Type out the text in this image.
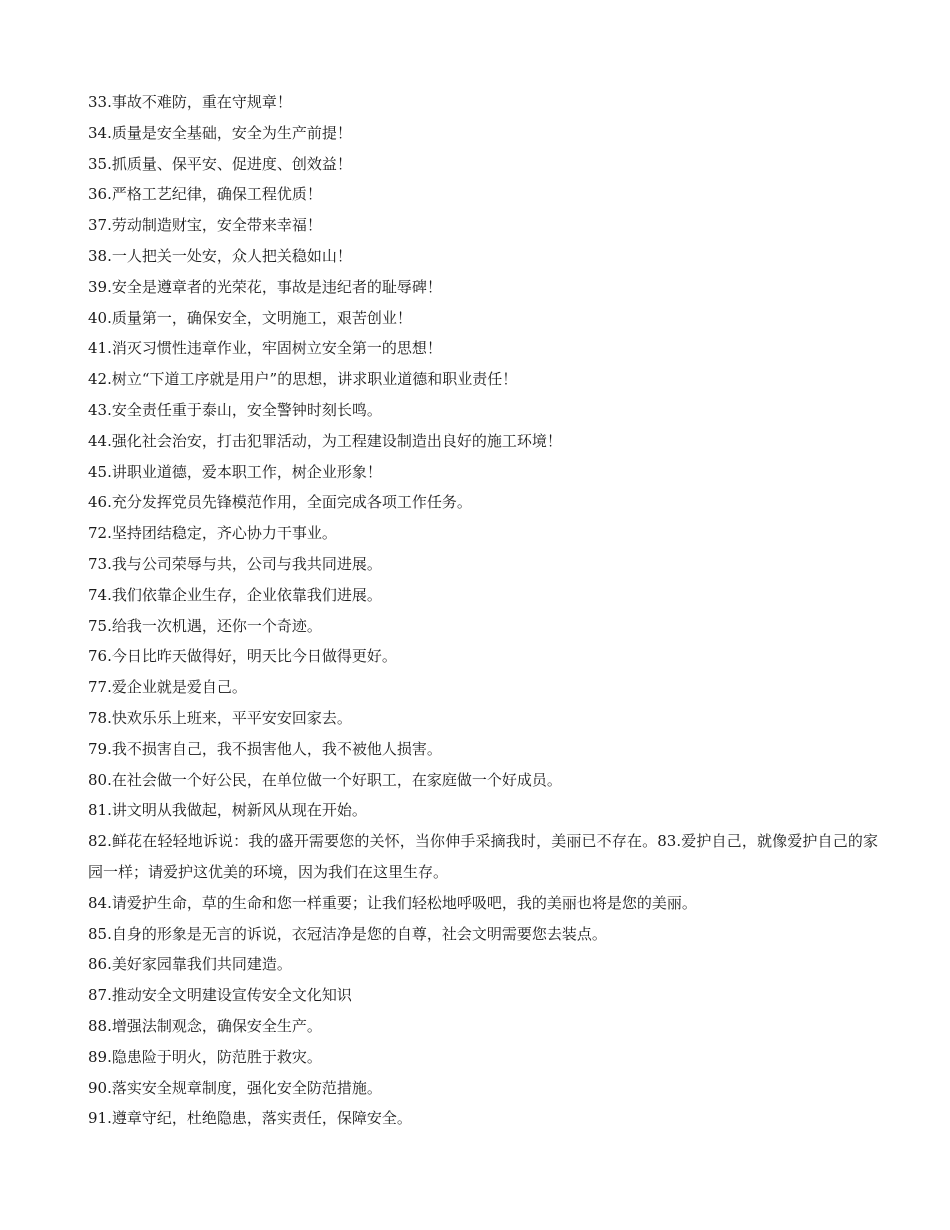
33.事故不难防，重在守规章！
34.质量是安全基础，安全为生产前提！
35.抓质量、保平安、促进度、创效益！
36.严格工艺纪律，确保工程优质！
37.劳动制造财宝，安全带来幸福！
38.一人把关一处安，众人把关稳如山！
39.安全是遵章者的光荣花，事故是违纪者的耻辱碑！
40.质量第一，确保安全，文明施工，艰苦创业！
41.消灭习惯性违章作业，牢固树立安全第一的思想！
42.树立“下道工序就是用户”的思想，讲求职业道德和职业责任！
43.安全责任重于泰山，安全警钟时刻长鸣。
44.强化社会治安，打击犯罪活动，为工程建设制造出良好的施工环境！
45.讲职业道德，爱本职工作，树企业形象！
46.充分发挥党员先锋模范作用，全面完成各项工作任务。
72.坚持团结稳定，齐心协力干事业。
73.我与公司荣辱与共，公司与我共同进展。
74.我们依靠企业生存，企业依靠我们进展。
75.给我一次机遇，还你一个奇迹。
76.今日比昨天做得好，明天比今日做得更好。
77.爱企业就是爱自己。
78.快欢乐乐上班来，平平安安回家去。
79.我不损害自己，我不损害他人，我不被他人损害。
80.在社会做一个好公民，在单位做一个好职工，在家庭做一个好成员。
81.讲文明从我做起，树新风从现在开始。
82.鲜花在轻轻地诉说：我的盛开需要您的关怀，当你伸手采摘我时，美丽已不存在。83.爱护自己，就像爱护自己的家园一样；请爱护这优美的环境，因为我们在这里生存。
84.请爱护生命，草的生命和您一样重要；让我们轻松地呼吸吧，我的美丽也将是您的美丽。
85.自身的形象是无言的诉说，衣冠洁净是您的自尊，社会文明需要您去装点。
86.美好家园靠我们共同建造。
87.推动安全文明建设宣传安全文化知识
88.增强法制观念，确保安全生产。
89.隐患险于明火，防范胜于救灾。
90.落实安全规章制度，强化安全防范措施。
91.遵章守纪，杜绝隐患，落实责任，保障安全。
